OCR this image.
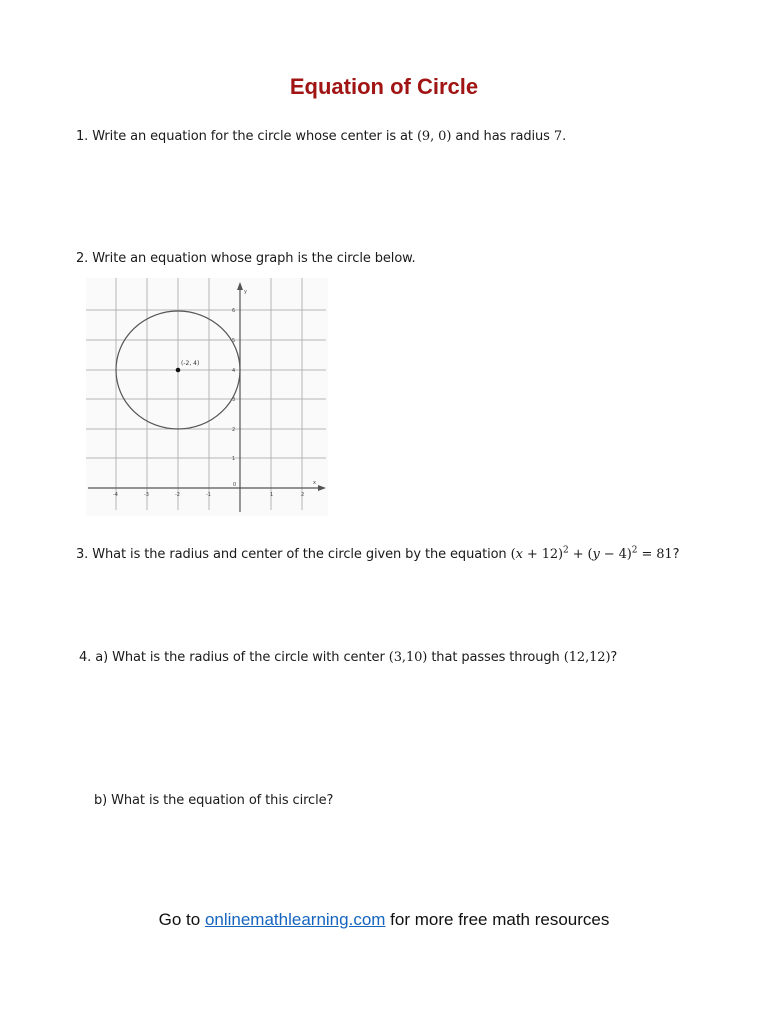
Equation of Circle
1. Write an equation for the circle whose center is at (9, 0) and has radius 7.
2. Write an equation whose graph is the circle below.
y
x
6
5
4
3
2
1
-4	-3	-2	-1
0
1	2
(-2, 4)
3. What is the radius and center of the circle given by the equation $(x + 12)^2 + (y - 4)^2 = 81$?
4. a) What is the radius of the circle with center (3,10) that passes through (12,12)?
b) What is the equation of this circle?
Go to onlinemathlearning.com for more free math resources
